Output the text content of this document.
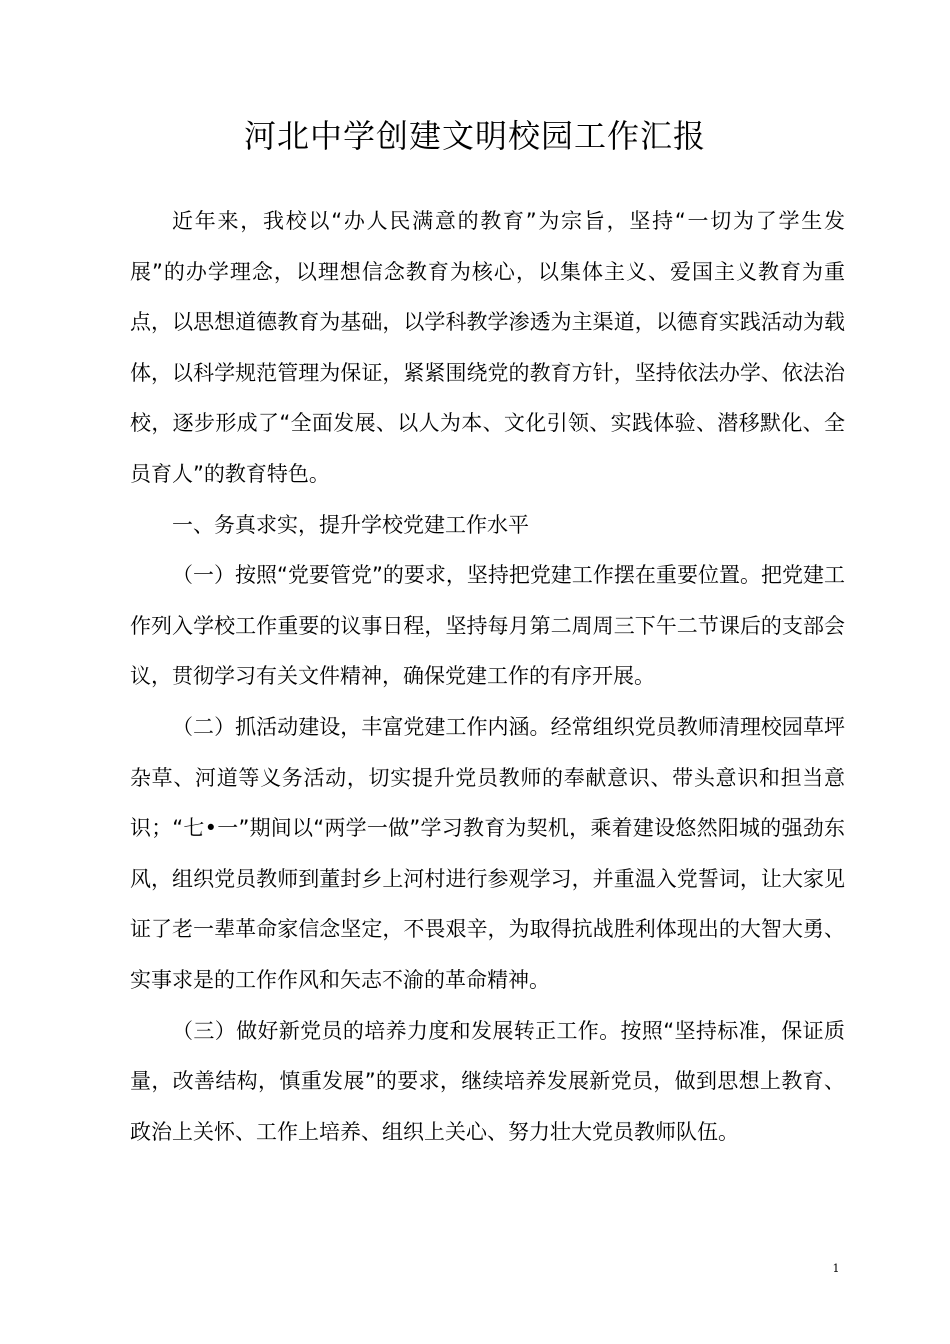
河北中学创建文明校园工作汇报

近年来，我校以“办人民满意的教育”为宗旨，坚持“一切为了学生发展”的办学理念，以理想信念教育为核心，以集体主义、爱国主义教育为重点，以思想道德教育为基础，以学科教学渗透为主渠道，以德育实践活动为载体，以科学规范管理为保证，紧紧围绕党的教育方针，坚持依法办学、依法治校，逐步形成了“全面发展、以人为本、文化引领、实践体验、潜移默化、全员育人”的教育特色。

一、务真求实，提升学校党建工作水平

（一）按照“党要管党”的要求，坚持把党建工作摆在重要位置。把党建工作列入学校工作重要的议事日程，坚持每月第二周周三下午二节课后的支部会议，贯彻学习有关文件精神，确保党建工作的有序开展。

（二）抓活动建设，丰富党建工作内涵。经常组织党员教师清理校园草坪杂草、河道等义务活动，切实提升党员教师的奉献意识、带头意识和担当意识；“七•一”期间以“两学一做”学习教育为契机，乘着建设悠然阳城的强劲东风，组织党员教师到董封乡上河村进行参观学习，并重温入党誓词，让大家见证了老一辈革命家信念坚定，不畏艰辛，为取得抗战胜利体现出的大智大勇、实事求是的工作作风和矢志不渝的革命精神。

（三）做好新党员的培养力度和发展转正工作。按照“坚持标准，保证质量，改善结构，慎重发展”的要求，继续培养发展新党员，做到思想上教育、政治上关怀、工作上培养、组织上关心、努力壮大党员教师队伍。

1
